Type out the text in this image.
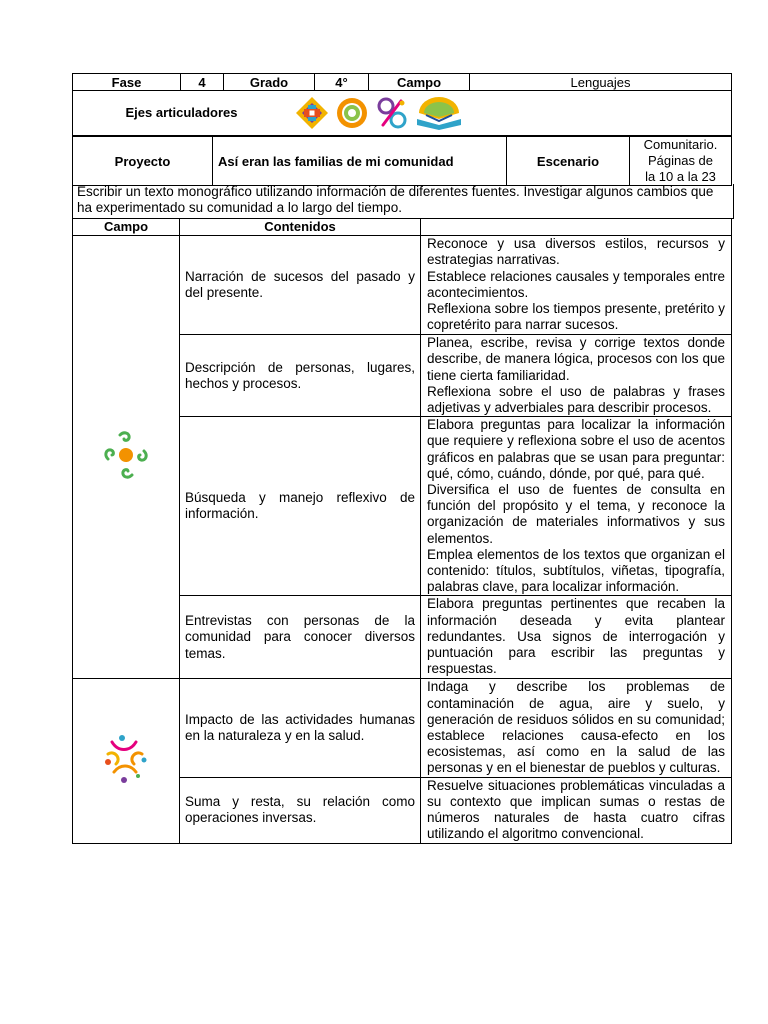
Fase	4	Grado	4°	Campo	Lenguajes
Ejes articuladores
Proyecto	Así eran las familias de mi comunidad	Escenario	
Comunitario.
Páginas de
la 10 a la 23
Escribir un texto monográfico utilizando información de diferentes fuentes. Investigar algunos cambios que ha experimentado su comunidad a lo largo del tiempo.
Campo	Contenidos	
	Narración de sucesos del pasado y del presente.	Reconoce y usa diversos estilos, recursos y estrategias narrativas.

Establece relaciones causales y temporales entre acontecimientos.

Reflexiona sobre los tiempos presente, pretérito y copretérito para narrar sucesos.

	Descripción de personas, lugares, hechos y procesos.	Planea, escribe, revisa y corrige textos donde describe, de manera lógica, procesos con los que tiene cierta familiaridad.

Reflexiona sobre el uso de palabras y frases adjetivas y adverbiales para describir procesos.

	Búsqueda y manejo reflexivo de información.	Elabora preguntas para localizar la información que requiere y reflexiona sobre el uso de acentos gráficos en palabras que se usan para preguntar: qué, cómo, cuándo, dónde, por qué, para qué.

Diversifica el uso de fuentes de consulta en función del propósito y el tema, y reconoce la organización de materiales informativos y sus elementos.

Emplea elementos de los textos que organizan el contenido: títulos, subtítulos, viñetas, tipografía, palabras clave, para localizar información.

	Entrevistas con personas de la comunidad para conocer diversos temas.	Elabora preguntas pertinentes que recaben la información deseada y evita plantear redundantes. Usa signos de interrogación y puntuación para escribir las preguntas y respuestas.

	Impacto de las actividades humanas en la naturaleza y en la salud.	Indaga y describe los problemas de contaminación de agua, aire y suelo, y generación de residuos sólidos en su comunidad; establece relaciones causa-efecto en los ecosistemas, así como en la salud de las personas y en el bienestar de pueblos y culturas.

	Suma y resta, su relación como operaciones inversas.	Resuelve situaciones problemáticas vinculadas a su contexto que implican sumas o restas de números naturales de hasta cuatro cifras utilizando el algoritmo convencional.
